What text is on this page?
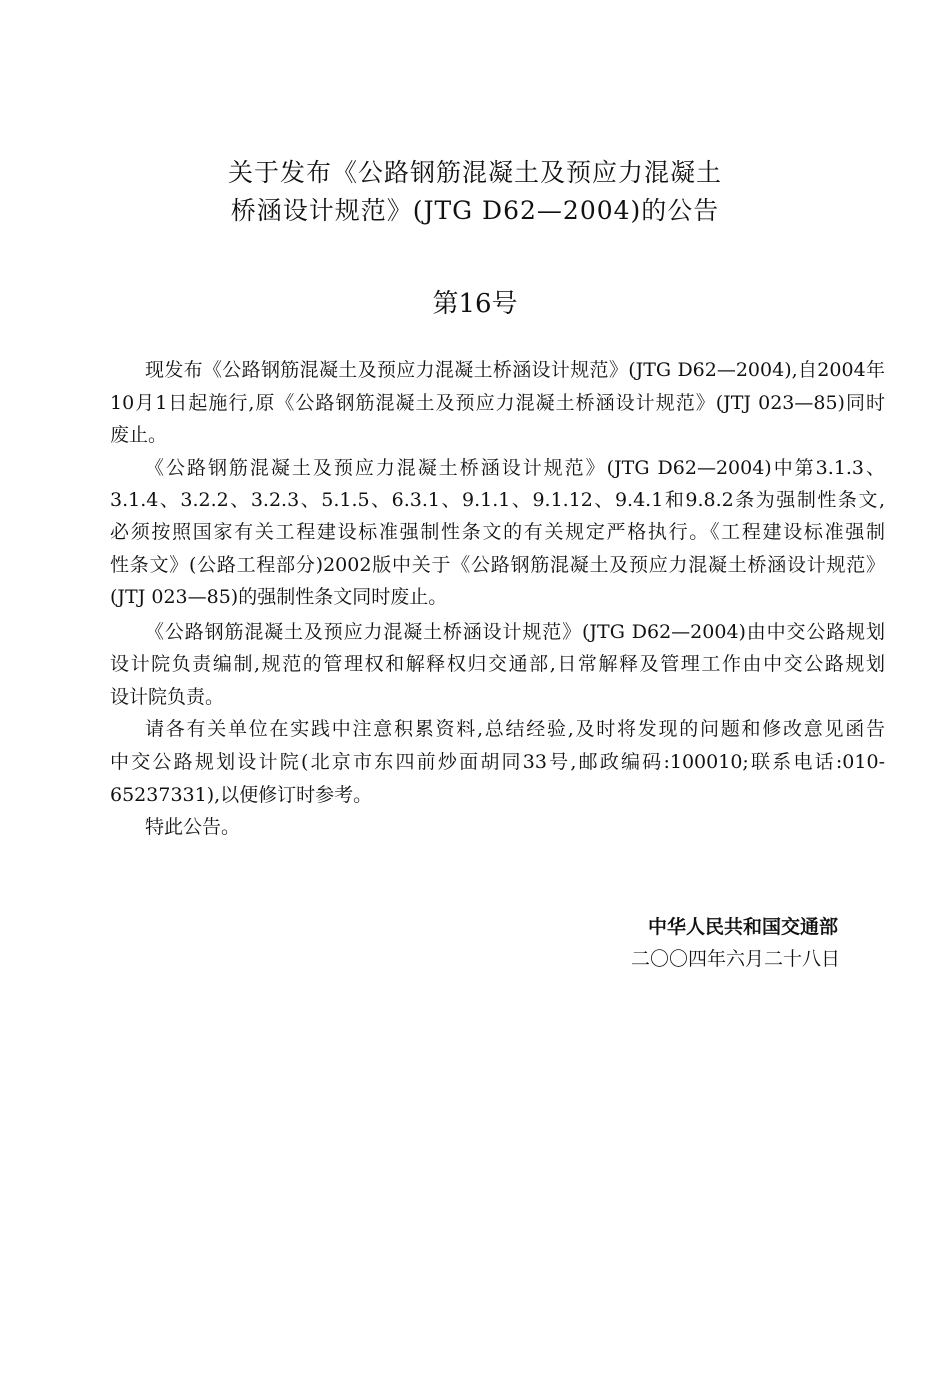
关于发布《公路钢筋混凝土及预应力混凝土
桥涵设计规范》(JTG D62—2004)的公告
第16号
现发布《公路钢筋混凝土及预应力混凝土桥涵设计规范》(JTG D62—2004),自2004年
10月1日起施行,原《公路钢筋混凝土及预应力混凝土桥涵设计规范》(JTJ 023—85)同时
废止。
《公路钢筋混凝土及预应力混凝土桥涵设计规范》(JTG D62—2004)中第3.1.3、
3.1.4、3.2.2、3.2.3、5.1.5、6.3.1、9.1.1、9.1.12、9.4.1和9.8.2条为强制性条文,
必须按照国家有关工程建设标准强制性条文的有关规定严格执行。《工程建设标准强制
性条文》(公路工程部分)2002版中关于《公路钢筋混凝土及预应力混凝土桥涵设计规范》
(JTJ 023—85)的强制性条文同时废止。
《公路钢筋混凝土及预应力混凝土桥涵设计规范》(JTG D62—2004)由中交公路规划
设计院负责编制,规范的管理权和解释权归交通部,日常解释及管理工作由中交公路规划
设计院负责。
请各有关单位在实践中注意积累资料,总结经验,及时将发现的问题和修改意见函告
中交公路规划设计院(北京市东四前炒面胡同33号,邮政编码:100010;联系电话:010-
65237331),以便修订时参考。
特此公告。
中华人民共和国交通部
二〇〇四年六月二十八日
